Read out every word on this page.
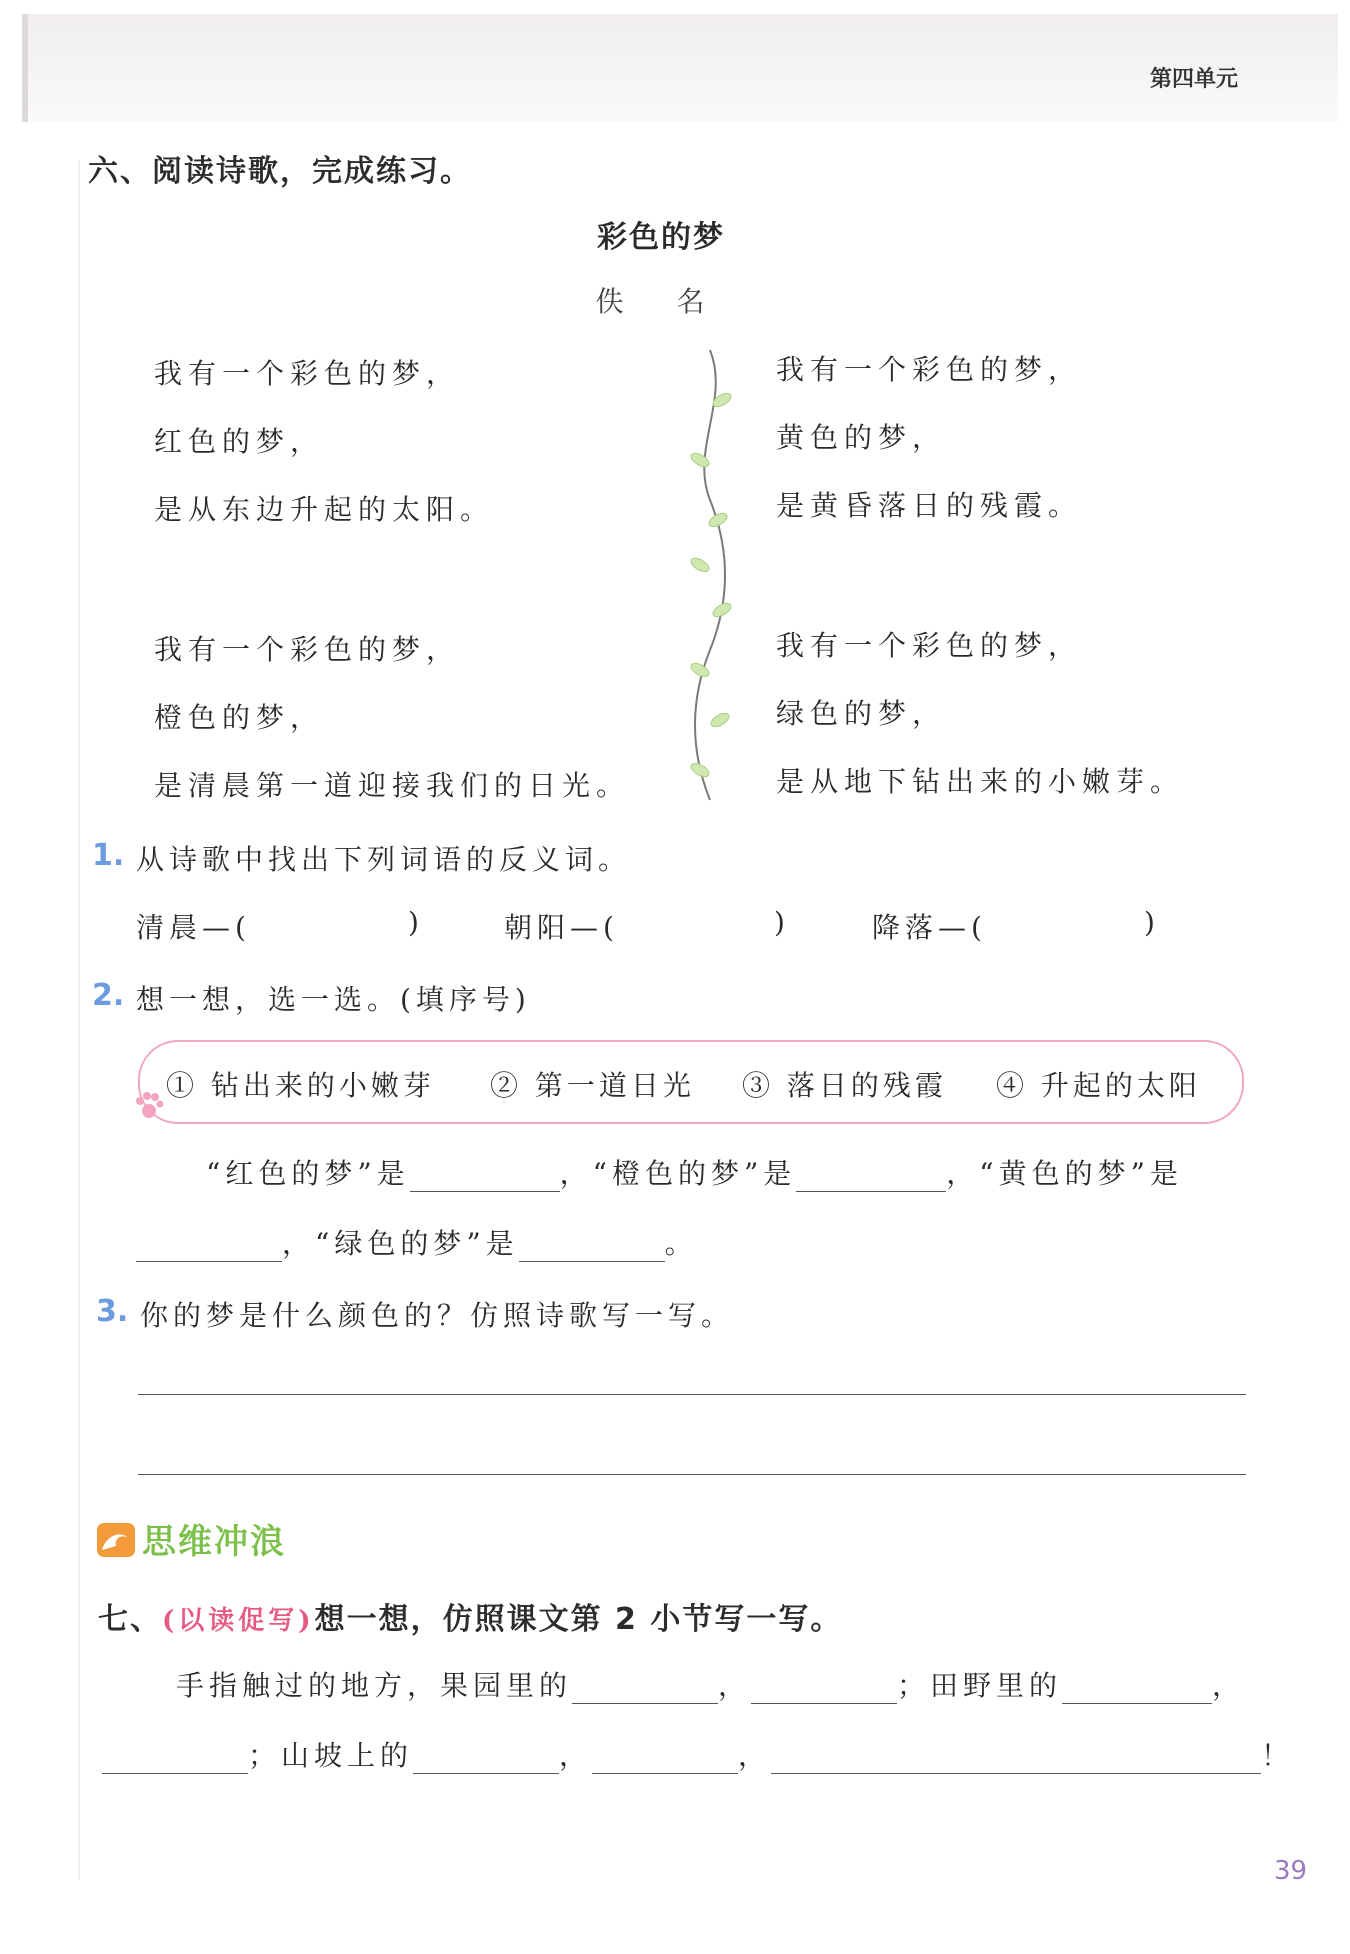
第四单元
六、阅读诗歌，完成练习。
彩色的梦
佚 名
我有一个彩色的梦，
红色的梦，
是从东边升起的太阳。
我有一个彩色的梦，
橙色的梦，
是清晨第一道迎接我们的日光。
我有一个彩色的梦，
黄色的梦，
是黄昏落日的残霞。
我有一个彩色的梦，
绿色的梦，
是从地下钻出来的小嫩芽。
1. 从诗歌中找出下列词语的反义词。
清晨—(	)	朝阳—(	)	降落—(	)
2. 想一想，选一选。(填序号)
① 钻出来的小嫩芽 ② 第一道日光 ③ 落日的残霞 ④ 升起的太阳
“红色的梦”是	，“橙色的梦”是	，“黄色的梦”是
，“绿色的梦”是	。
3. 你的梦是什么颜色的？仿照诗歌写一写。
思维冲浪
七、(以读促写)想一想，仿照课文第 2 小节写一写。
手指触过的地方，果园里的	，	；田野里的	，
；山坡上的	，	，	！
39
